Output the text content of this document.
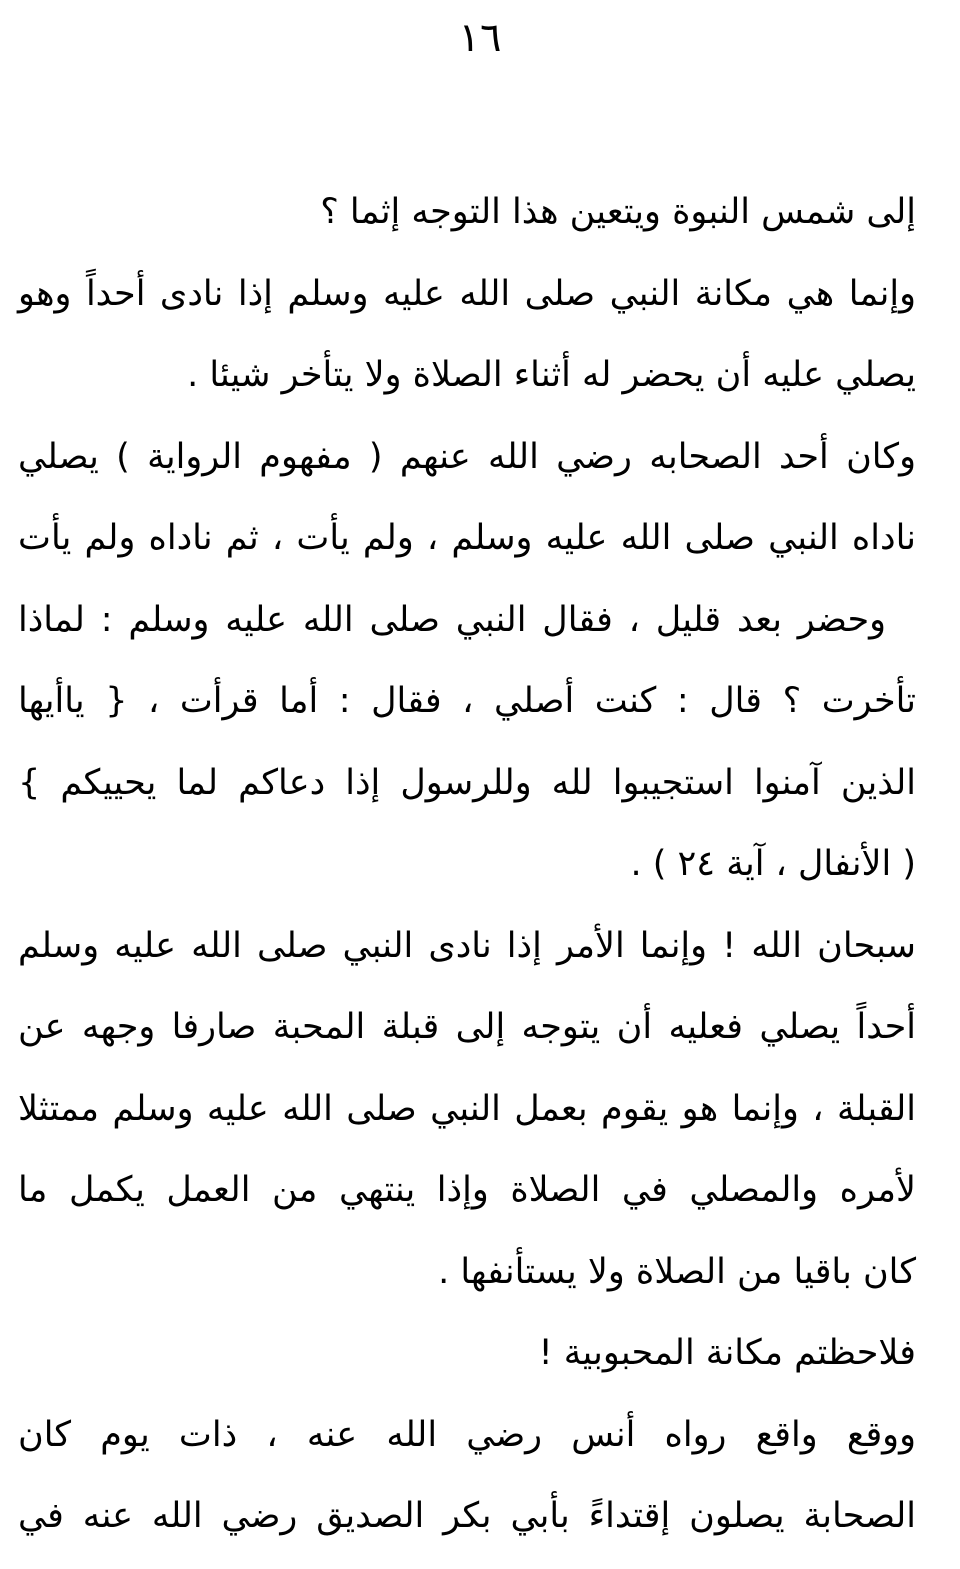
١٦
إلى شمس النبوة ويتعين هذا التوجه إثما ؟
وإنما هي مكانة النبي صلى الله عليه وسلم إذا نادى أحداً وهو
يصلي عليه أن يحضر له أثناء الصلاة ولا يتأخر شيئا .
وكان أحد الصحابه رضي الله عنهم ( مفهوم الرواية ) يصلي
ناداه النبي صلى الله عليه وسلم ، ولم يأت ، ثم ناداه ولم يأت
وحضر بعد قليل ، فقال النبي صلى الله عليه وسلم : لماذا
تأخرت ؟ قال : كنت أصلي ، فقال : أما قرأت ، { ياأيها
الذين آمنوا استجيبوا لله وللرسول إذا دعاكم لما يحييكم }
( الأنفال ، آية ٢٤ ) .
سبحان الله ! وإنما الأمر إذا نادى النبي صلى الله عليه وسلم
أحداً يصلي فعليه أن يتوجه إلى قبلة المحبة صارفا وجهه عن
القبلة ، وإنما هو يقوم بعمل النبي صلى الله عليه وسلم ممتثلا
لأمره والمصلي في الصلاة وإذا ينتهي من العمل يكمل ما
كان باقيا من الصلاة ولا يستأنفها .
فلاحظتم مكانة المحبوبية !
ووقع واقع رواه أنس رضي الله عنه ، ذات يوم كان
الصحابة يصلون إقتداءً بأبي بكر الصديق رضي الله عنه في
